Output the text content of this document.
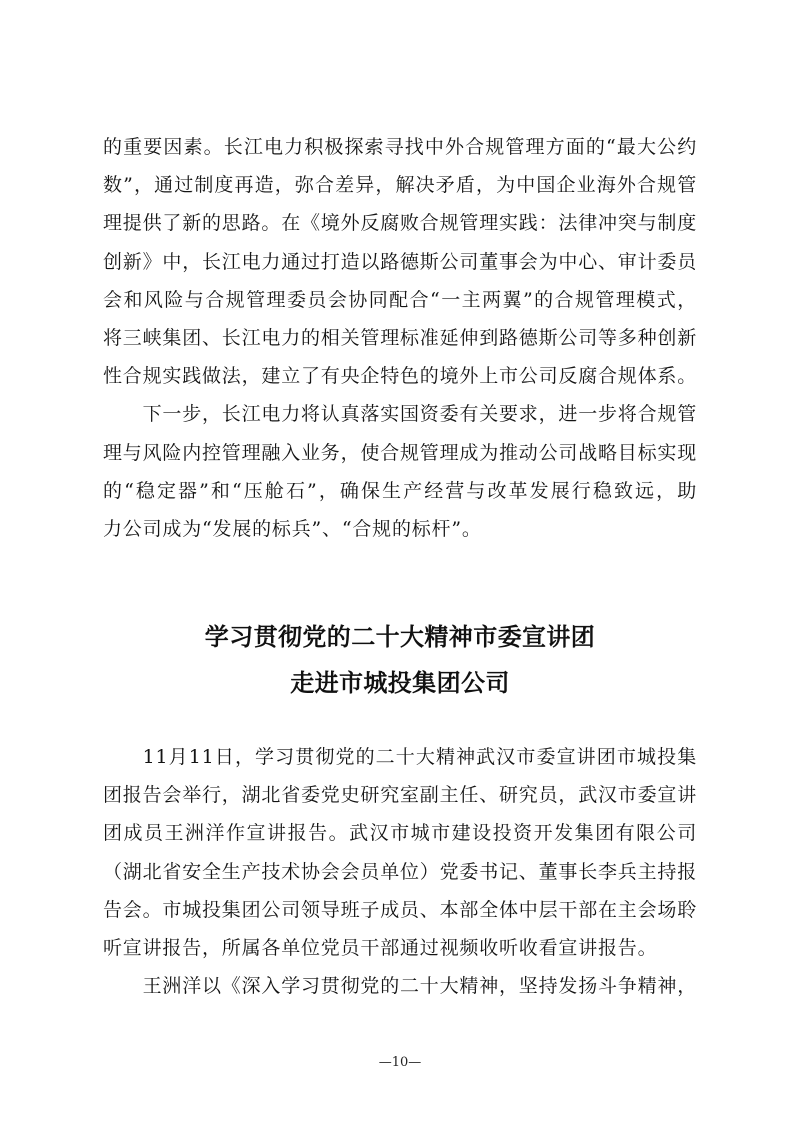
的重要因素。长江电力积极探索寻找中外合规管理方面的“最大公约
数”，通过制度再造，弥合差异，解决矛盾，为中国企业海外合规管
理提供了新的思路。在《境外反腐败合规管理实践：法律冲突与制度
创新》中，长江电力通过打造以路德斯公司董事会为中心、审计委员
会和风险与合规管理委员会协同配合“一主两翼”的合规管理模式，
将三峡集团、长江电力的相关管理标准延伸到路德斯公司等多种创新
性合规实践做法，建立了有央企特色的境外上市公司反腐合规体系。
下一步，长江电力将认真落实国资委有关要求，进一步将合规管
理与风险内控管理融入业务，使合规管理成为推动公司战略目标实现
的“稳定器”和“压舱石”，确保生产经营与改革发展行稳致远，助
力公司成为“发展的标兵”、“合规的标杆”。
学习贯彻党的二十大精神市委宣讲团
走进市城投集团公司
11月11日，学习贯彻党的二十大精神武汉市委宣讲团市城投集
团报告会举行，湖北省委党史研究室副主任、研究员，武汉市委宣讲
团成员王洲洋作宣讲报告。武汉市城市建设投资开发集团有限公司
（湖北省安全生产技术协会会员单位）党委书记、董事长李兵主持报
告会。市城投集团公司领导班子成员、本部全体中层干部在主会场聆
听宣讲报告，所属各单位党员干部通过视频收听收看宣讲报告。
王洲洋以《深入学习贯彻党的二十大精神，坚持发扬斗争精神，
—10—
